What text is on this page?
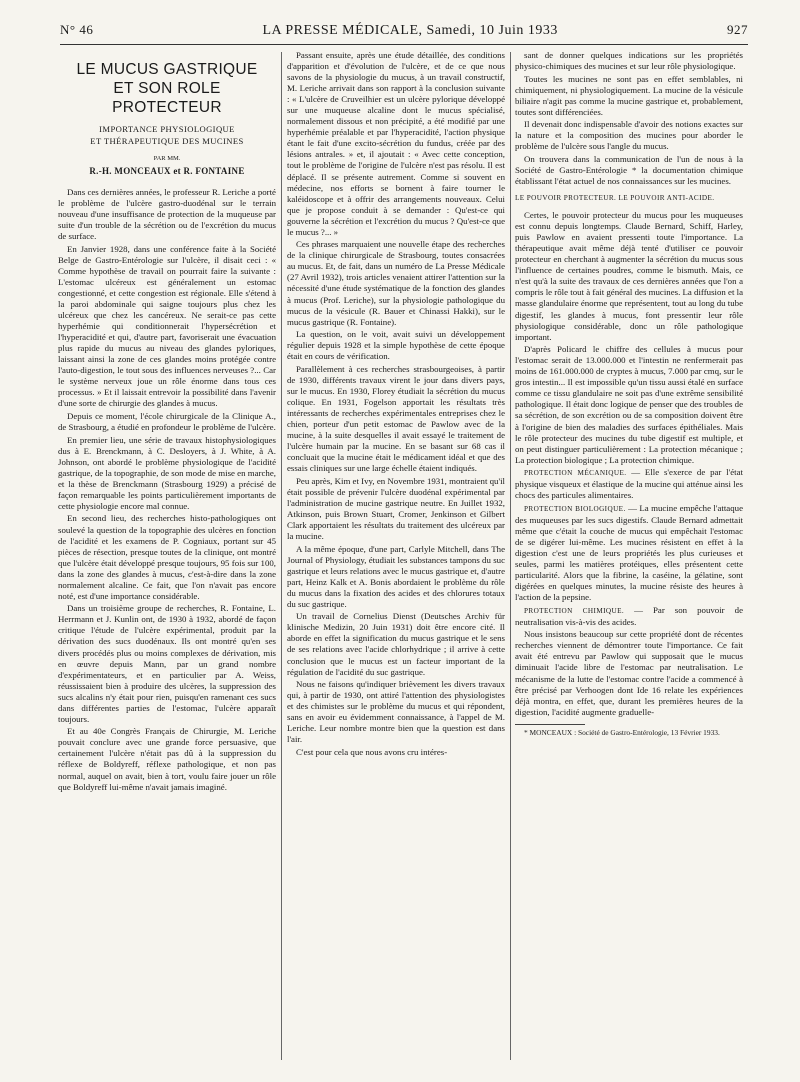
N° 46	LA PRESSE MÉDICALE, Samedi, 10 Juin 1933	927

LE MUCUS GASTRIQUE

ET SON ROLE PROTECTEUR

IMPORTANCE PHYSIOLOGIQUE

ET THÉRAPEUTIQUE DES MUCINES

PAR MM.

R.-H. MONCEAUX et R. FONTAINE

Dans ces dernières années, le professeur R. Leriche a porté le problème de l'ulcère gastro-duodénal sur le terrain nouveau d'une insuffisance de protection de la muqueuse par suite d'un trouble de la sécrétion ou de l'excrétion du mucus de surface.

En Janvier 1928, dans une conférence faite à la Société Belge de Gastro-Entérologie sur l'ulcère, il disait ceci : « Comme hypothèse de travail on pourrait faire la suivante : L'estomac ulcéreux est généralement un estomac congestionné, et cette congestion est régionale. Elle s'étend à la paroi abdominale qui saigne toujours plus chez les ulcéreux que chez les cancéreux. Ne serait-ce pas cette hyperhémie qui conditionnerait l'hypersécrétion et l'hyperacidité et qui, d'autre part, favoriserait une évacuation plus rapide du mucus au niveau des glandes pyloriques, laissant ainsi la zone de ces glandes moins protégée contre l'auto-digestion, le tout sous des influences nerveuses ?... Car le système nerveux joue un rôle énorme dans tous ces processus. » Et il laissait entrevoir la possibilité dans l'avenir d'une sorte de chirurgie des glandes à mucus.

Depuis ce moment, l'école chirurgicale de la Clinique A., de Strasbourg, a étudié en profondeur le problème de l'ulcère.

En premier lieu, une série de travaux histophysiologiques dus à E. Brenckmann, à C. Desloyers, à J. White, à A. Johnson, ont abordé le problème physiologique de l'acidité gastrique, de la topographie, de son mode de mise en marche, et la thèse de Brenckmann (Strasbourg 1929) a précisé de façon remarquable les points particulièrement importants de cette physiologie encore mal connue.

En second lieu, des recherches histo-pathologiques ont soulevé la question de la topographie des ulcères en fonction de l'acidité et les examens de P. Cogniaux, portant sur 45 pièces de résection, presque toutes de la clinique, ont montré que l'ulcère était développé presque toujours, 95 fois sur 100, dans la zone des glandes à mucus, c'est-à-dire dans la zone normalement alcaline. Ce fait, que l'on n'avait pas encore noté, est d'une importance considérable.

Dans un troisième groupe de recherches, R. Fontaine, L. Herrmann et J. Kunlin ont, de 1930 à 1932, abordé de façon critique l'étude de l'ulcère expérimental, produit par la dérivation des sucs duodénaux. Ils ont montré qu'en ses divers procédés plus ou moins complexes de dérivation, mis en œuvre depuis Mann, par un grand nombre d'expérimentateurs, et en particulier par A. Weiss, réussissaient bien à produire des ulcères, la suppression des sucs alcalins n'y était pour rien, puisqu'en ramenant ces sucs dans différentes parties de l'estomac, l'ulcère apparaît toujours.

Et au 40e Congrès Français de Chirurgie, M. Leriche pouvait conclure avec une grande force persuasive, que certainement l'ulcère n'était pas dû à la suppression du réflexe de Boldyreff, réflexe pathologique, et non pas normal, auquel on avait, bien à tort, voulu faire jouer un rôle que Boldyreff lui-même n'avait jamais imaginé.

Passant ensuite, après une étude détaillée, des conditions d'apparition et d'évolution de l'ulcère, et de ce que nous savons de la physiologie du mucus, à un travail constructif, M. Leriche arrivait dans son rapport à la conclusion suivante : « L'ulcère de Cruveilhier est un ulcère pylorique développé sur une muqueuse alcaline dont le mucus spécialisé, normalement dissous et non précipité, a été modifié par une hyperhémie préalable et par l'hyperacidité, l'action physique étant le fait d'une excito-sécrétion du fundus, créée par des lésions antrales. » et, il ajoutait : « Avec cette conception, tout le problème de l'origine de l'ulcère n'est pas résolu. Il est déplacé. Il se présente autrement. Comme si souvent en médecine, nos efforts se bornent à faire tourner le kaléidoscope et à offrir des arrangements nouveaux. Celui que je propose conduit à se demander : Qu'est-ce qui gouverne la sécrétion et l'excrétion du mucus ? Qu'est-ce que le mucus ?... »

Ces phrases marquaient une nouvelle étape des recherches de la clinique chirurgicale de Strasbourg, toutes consacrées au mucus. Et, de fait, dans un numéro de La Presse Médicale (27 Avril 1932), trois articles venaient attirer l'attention sur la nécessité d'une étude systématique de la fonction des glandes à mucus (Prof. Leriche), sur la physiologie pathologique du mucus de la vésicule (R. Bauer et Chinassi Hakki), sur le mucus gastrique (R. Fontaine).

La question, on le voit, avait suivi un développement régulier depuis 1928 et la simple hypothèse de cette époque était en cours de vérification.

Parallèlement à ces recherches strasbourgeoises, à partir de 1930, différents travaux virent le jour dans divers pays, sur le mucus. En 1930, Florey étudiait la sécrétion du mucus colique. En 1931, Fogelson apportait les résultats très intéressants de recherches expérimentales entreprises chez le chien, porteur d'un petit estomac de Pawlow avec de la mucine, à la suite desquelles il avait essayé le traitement de l'ulcère humain par la mucine. En se basant sur 68 cas il concluait que la mucine était le médicament idéal et que des essais cliniques sur une large échelle étaient indiqués.

Peu après, Kim et Ivy, en Novembre 1931, montraient qu'il était possible de prévenir l'ulcère duodénal expérimental par l'administration de mucine gastrique neutre. En Juillet 1932, Atkinson, puis Brown Stuart, Cromer, Jenkinson et Gilbert Clark apportaient les résultats du traitement des ulcéreux par la mucine.

A la même époque, d'une part, Carlyle Mitchell, dans The Journal of Physiology, étudiait les substances tampons du suc gastrique et leurs relations avec le mucus gastrique et, d'autre part, Heinz Kalk et A. Bonis abordaient le problème du rôle du mucus dans la fixation des acides et des chlorures totaux du suc gastrique.

Un travail de Cornelius Dienst (Deutsches Archiv für klinische Medizin, 20 Juin 1931) doit être encore cité. Il aborde en effet la signification du mucus gastrique et le sens de ses relations avec l'acide chlorhydrique ; il arrive à cette conclusion que le mucus est un facteur important de la régulation de l'acidité du suc gastrique.

Nous ne faisons qu'indiquer brièvement les divers travaux qui, à partir de 1930, ont attiré l'attention des physiologistes et des chimistes sur le problème du mucus et qui répondent, sans en avoir eu évidemment connaissance, à l'appel de M. Leriche. Leur nombre montre bien que la question est dans l'air.

C'est pour cela que nous avons cru intéres-

sant de donner quelques indications sur les propriétés physico-chimiques des mucines et sur leur rôle physiologique.

Toutes les mucines ne sont pas en effet semblables, ni chimiquement, ni physiologiquement. La mucine de la vésicule biliaire n'agit pas comme la mucine gastrique et, probablement, toutes sont différenciées.

Il devenait donc indispensable d'avoir des notions exactes sur la nature et la composition des mucines pour aborder le problème de l'ulcère sous l'angle du mucus.

On trouvera dans la communication de l'un de nous à la Société de Gastro-Entérologie * la documentation chimique établissant l'état actuel de nos connaissances sur les mucines.

LE POUVOIR PROTECTEUR. LE POUVOIR ANTI-ACIDE.

Certes, le pouvoir protecteur du mucus pour les muqueuses est connu depuis longtemps. Claude Bernard, Schiff, Harley, puis Pawlow en avaient pressenti toute l'importance. La thérapeutique avait même déjà tenté d'utiliser ce pouvoir protecteur en cherchant à augmenter la sécrétion du mucus sous l'influence de certaines poudres, comme le bismuth. Mais, ce n'est qu'à la suite des travaux de ces dernières années que l'on a compris le rôle tout à fait général des mucines. La diffusion et la masse glandulaire énorme que représentent, tout au long du tube digestif, les glandes à mucus, font pressentir leur rôle physiologique considérable, donc un rôle pathologique important.

D'après Policard le chiffre des cellules à mucus pour l'estomac serait de 13.000.000 et l'intestin ne renfermerait pas moins de 161.000.000 de cryptes à mucus, 7.000 par cmq, sur le gros intestin... Il est impossible qu'un tissu aussi étalé en surface comme ce tissu glandulaire ne soit pas d'une extrême sensibilité pathologique. Il était donc logique de penser que des troubles de sa sécrétion, de son excrétion ou de sa composition doivent être à l'origine de bien des maladies des surfaces épithéliales. Mais le rôle protecteur des mucines du tube digestif est multiple, et on peut distinguer particulièrement : La protection mécanique ; La protection biologique ; La protection chimique.

PROTECTION MÉCANIQUE. — Elle s'exerce de par l'état physique visqueux et élastique de la mucine qui atténue ainsi les chocs des particules alimentaires.

PROTECTION BIOLOGIQUE. — La mucine empêche l'attaque des muqueuses par les sucs digestifs. Claude Bernard admettait même que c'était la couche de mucus qui empêchait l'estomac de se digérer lui-même. Les mucines résistent en effet à la digestion c'est une de leurs propriétés les plus curieuses et seules, parmi les matières protéiques, elles présentent cette particularité. Alors que la fibrine, la caséine, la gélatine, sont digérées en quelques minutes, la mucine résiste des heures à l'action de la pepsine.

PROTECTION CHIMIQUE. — Par son pouvoir de neutralisation vis-à-vis des acides.

Nous insistons beaucoup sur cette propriété dont de récentes recherches viennent de démontrer toute l'importance. Ce fait avait été entrevu par Pawlow qui supposait que le mucus diminuait l'acide libre de l'estomac par neutralisation. Le mécanisme de la lutte de l'estomac contre l'acide a commencé à être précisé par Verhoogen dont Ide 16 relate les expériences déjà montra, en effet, que, durant les premières heures de la digestion, l'acidité augmente graduelle-

* MONCEAUX : Société de Gastro-Entérologie, 13 Février 1933.
